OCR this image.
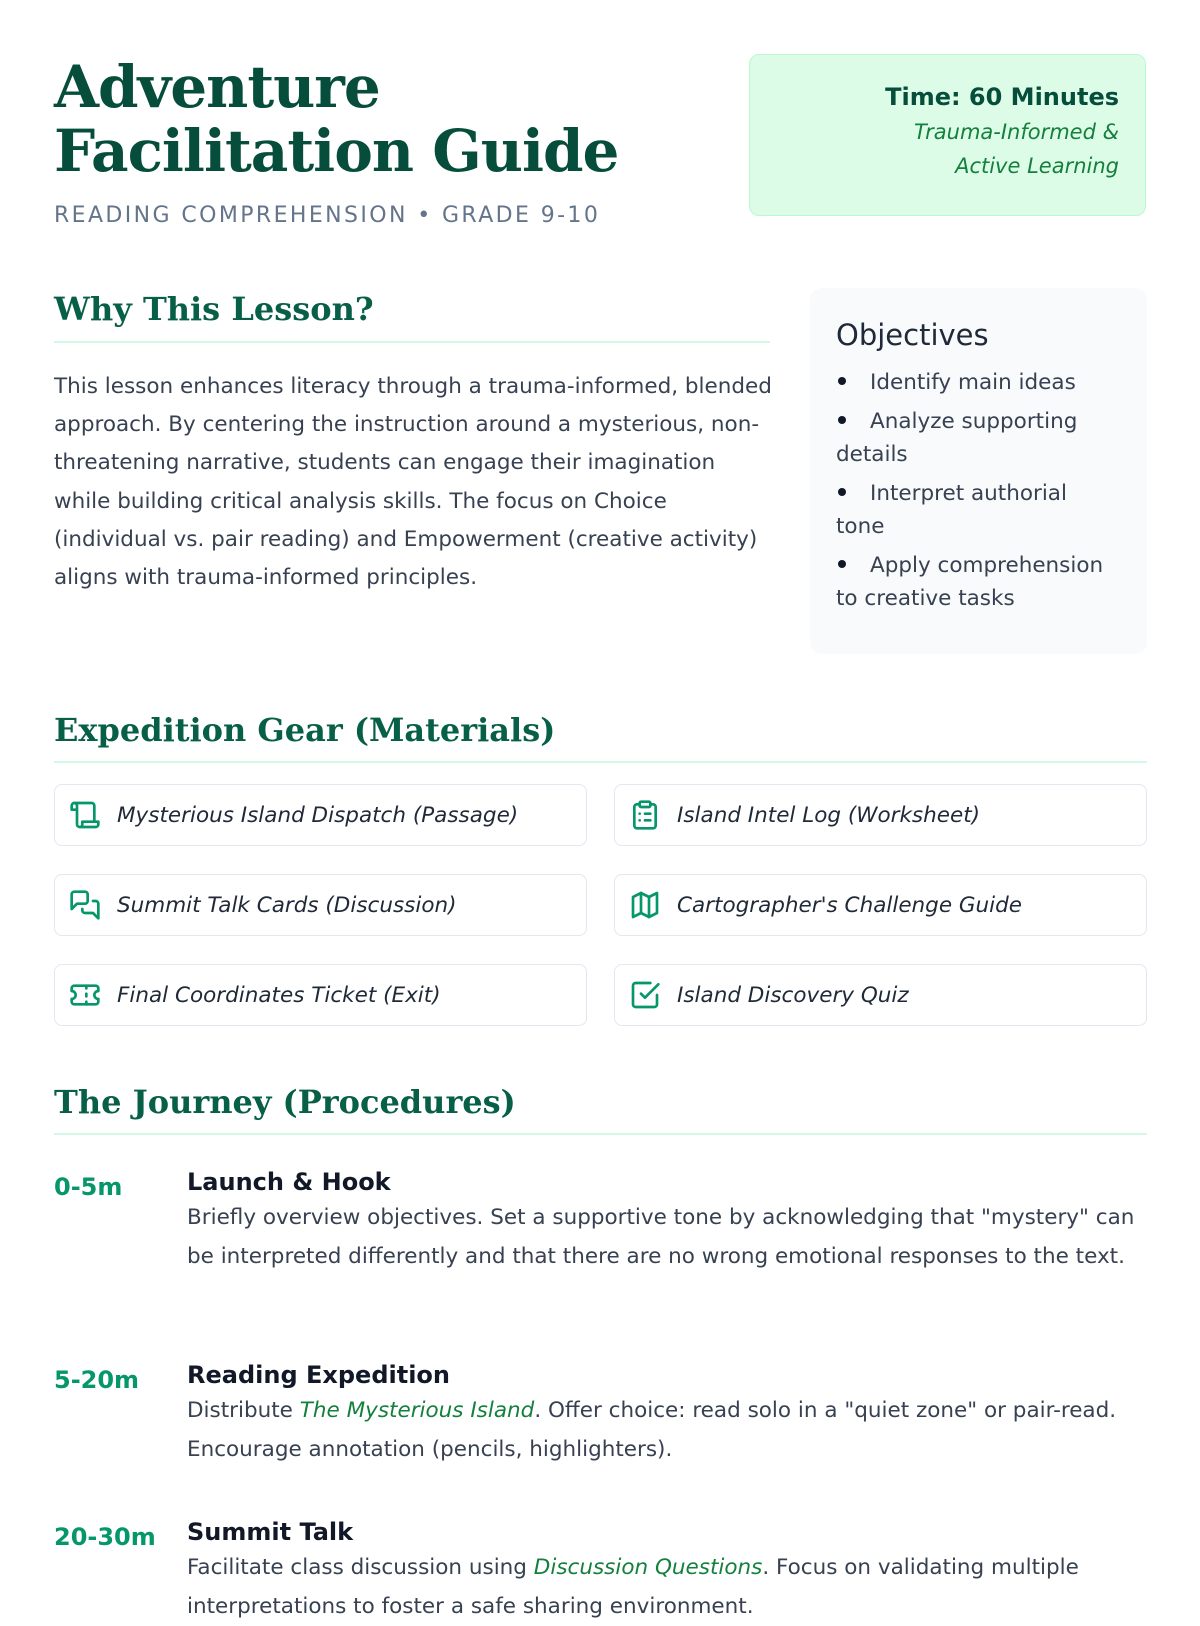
Adventure Facilitation Guide
READING COMPREHENSION • GRADE 9-10
Time: 60 Minutes
Trauma-Informed & Active Learning
Why This Lesson?

This lesson enhances literacy through a trauma-informed, blended approach. By centering the instruction around a mysterious, non-threatening narrative, students can engage their imagination while building critical analysis skills. The focus on Choice (individual vs. pair reading) and Empowerment (creative activity) aligns with trauma-informed principles.

Objectives
Identify main ideas
Analyze supporting details
Interpret authorial tone
Apply comprehension to creative tasks
Expedition Gear (Materials)
Mysterious Island Dispatch (Passage)	Island Intel Log (Worksheet)
Summit Talk Cards (Discussion)	Cartographer's Challenge Guide
Final Coordinates Ticket (Exit)	Island Discovery Quiz
The Journey (Procedures)
0-5m	Launch & Hook
Briefly overview objectives. Set a supportive tone by acknowledging that "mystery" can be interpreted differently and that there are no wrong emotional responses to the text.
5-20m Reading Expedition
Distribute The Mysterious Island. Offer choice: read solo in a "quiet zone" or pair-read. Encourage annotation (pencils, highlighters).
20-30m Summit Talk
Facilitate class discussion using Discussion Questions. Focus on validating multiple interpretations to foster a safe sharing environment.
